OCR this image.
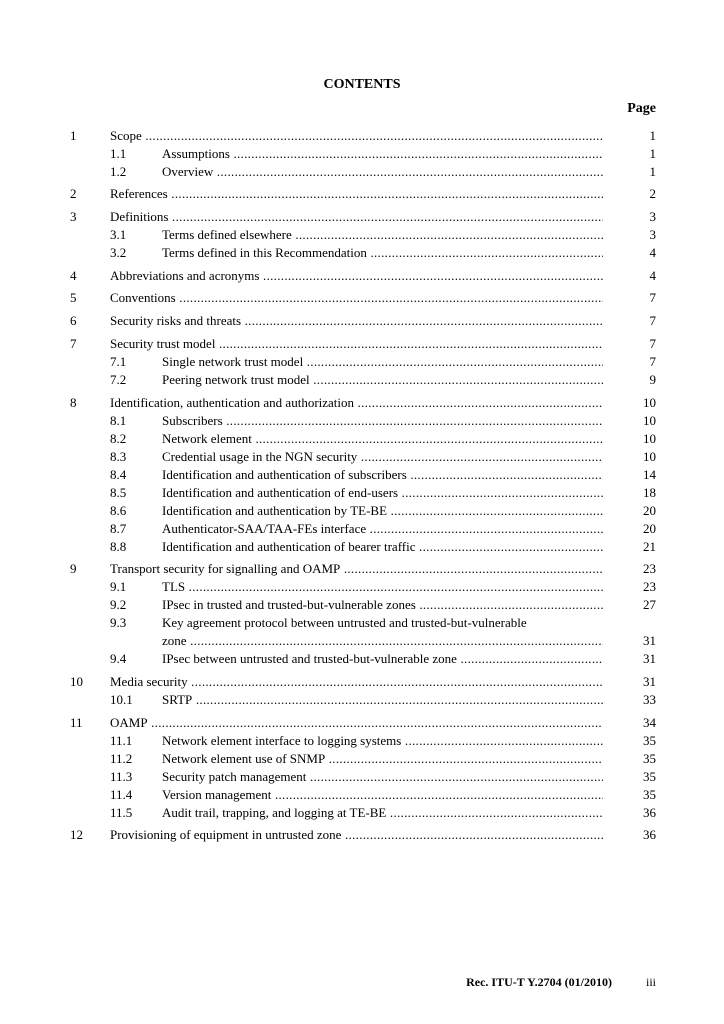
CONTENTS
Page
1	Scope .....	1
1.1	Assumptions .....	1
1.2	Overview .....	1
2	References .....	2
3	Definitions .....	3
3.1	Terms defined elsewhere .....	3
3.2	Terms defined in this Recommendation .....	4
4	Abbreviations and acronyms .....	4
5	Conventions .....	7
6	Security risks and threats .....	7
7	Security trust model .....	7
7.1	Single network trust model .....	7
7.2	Peering network trust model .....	9
8	Identification, authentication and authorization .....	10
8.1	Subscribers .....	10
8.2	Network element .....	10
8.3	Credential usage in the NGN security .....	10
8.4	Identification and authentication of subscribers .....	14
8.5	Identification and authentication of end-users .....	18
8.6	Identification and authentication by TE-BE .....	20
8.7	Authenticator-SAA/TAA-FEs interface .....	20
8.8	Identification and authentication of bearer traffic .....	21
9	Transport security for signalling and OAMP .....	23
9.1	TLS .....	23
9.2	IPsec in trusted and trusted-but-vulnerable zones .....	27
9.3	Key agreement protocol between untrusted and trusted-but-vulnerable
zone .....	31
9.4	IPsec between untrusted and trusted-but-vulnerable zone .....	31
10 Media security .....	31
10.1 SRTP .....	33
11 OAMP .....	34
11.1 Network element interface to logging systems .....	35
11.2 Network element use of SNMP .....	35
11.3 Security patch management .....	35
11.4 Version management .....	35
11.5 Audit trail, trapping, and logging at TE-BE .....	36
12 Provisioning of equipment in untrusted zone .....	36
Rec. ITU-T Y.2704 (01/2010)	iii
